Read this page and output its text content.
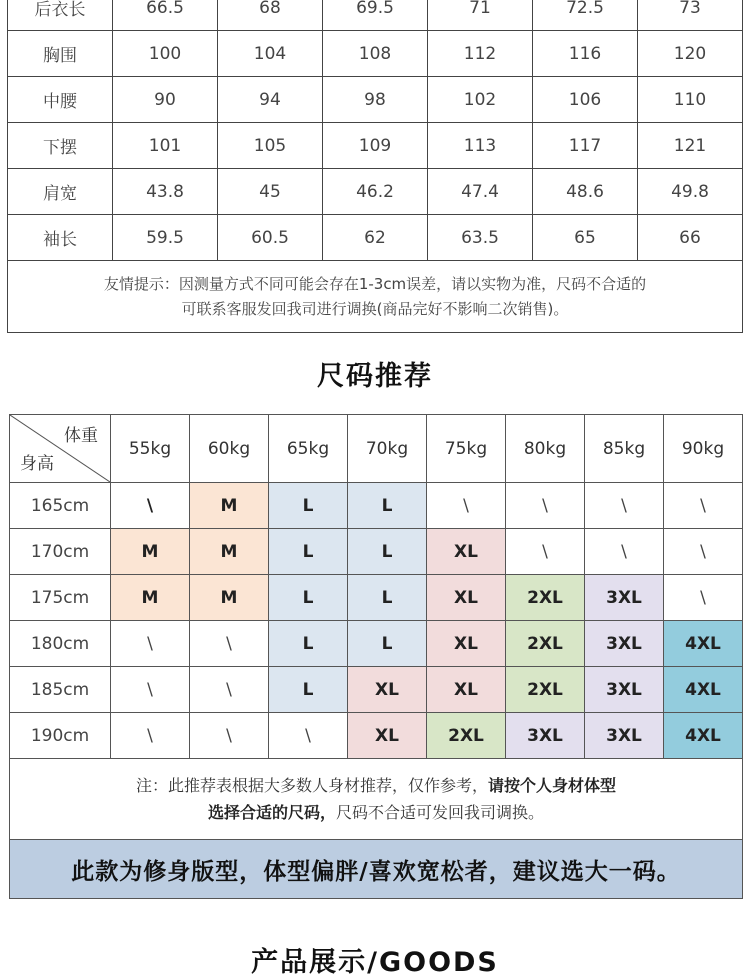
后衣长	66.5	68	69.5	71	72.5	73
胸围	100	104	108	112	116	120
中腰	90	94	98	102	106	110
下摆	101	105	109	113	117	121
肩宽	43.8	45	46.2	47.4	48.6	49.8
袖长	59.5	60.5	62	63.5	65	66

友情提示：因测量方式不同可能会存在1-3cm误差，请以实物为准，尺码不合适的
可联系客服发回我司进行调换(商品完好不影响二次销售)。						
尺码推荐
体重
身高	55kg	60kg	65kg	70kg	75kg	80kg	85kg	90kg
165cm	\	M	L	L	\	\	\	\
170cm	M	M	L	L	XL	\	\	\
175cm	M	M	L	L	XL	2XL	3XL	\
180cm	\	\	L	L	XL	2XL	3XL	4XL
185cm	\	\	L	XL	XL	2XL	3XL	4XL
190cm	\	\	\	XL	2XL	3XL	3XL	4XL

注：此推荐表根据大多数人身材推荐，仅作参考，请按个人身材体型
选择合适的尺码，尺码不合适可发回我司调换。								

此款为修身版型，体型偏胖/喜欢宽松者，建议选大一码。								
产品展示/GOODS
